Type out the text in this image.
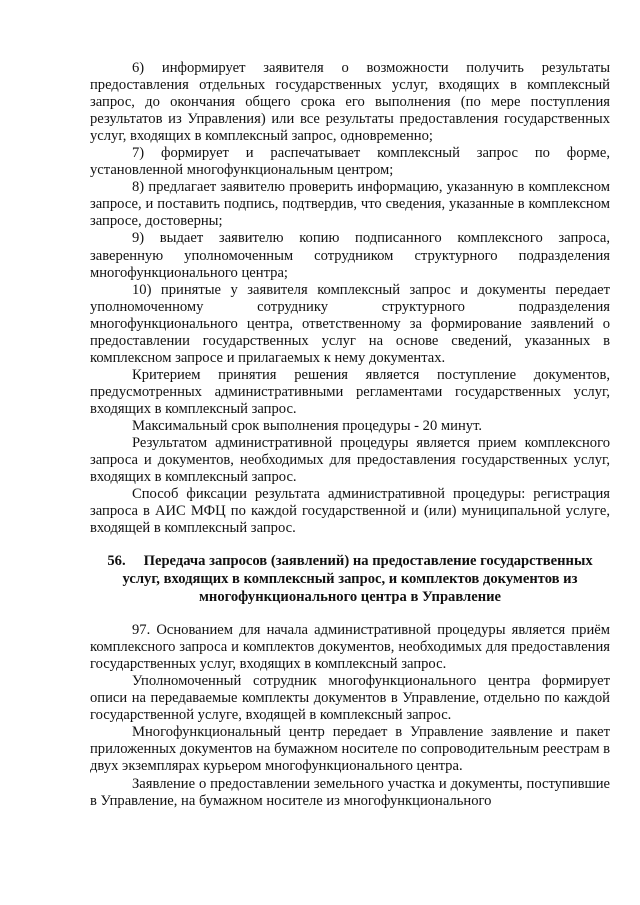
6) информирует заявителя о возможности получить результаты предоставления отдельных государственных услуг, входящих в комплексный запрос, до окончания общего срока его выполнения (по мере поступления результатов из Управления) или все результаты предоставления государственных услуг, входящих в комплексный запрос, одновременно;

7) формирует и распечатывает комплексный запрос по форме, установленной многофункциональным центром;

8) предлагает заявителю проверить информацию, указанную в комплексном запросе, и поставить подпись, подтвердив, что сведения, указанные в комплексном запросе, достоверны;

9) выдает заявителю копию подписанного комплексного запроса, заверенную уполномоченным сотрудником структурного подразделения многофункционального центра;

10) принятые у заявителя комплексный запрос и документы передает уполномоченному сотруднику структурного подразделения многофункционального центра, ответственному за формирование заявлений о предоставлении государственных услуг на основе сведений, указанных в комплексном запросе и прилагаемых к нему документах.

Критерием принятия решения является поступление документов, предусмотренных административными регламентами государственных услуг, входящих в комплексный запрос.

Максимальный срок выполнения процедуры - 20 минут.

Результатом административной процедуры является прием комплексного запроса и документов, необходимых для предоставления государственных услуг, входящих в комплексный запрос.

Способ фиксации результата административной процедуры: регистрация запроса в АИС МФЦ по каждой государственной и (или) муниципальной услуге, входящей в комплексный запрос.

56. Передача запросов (заявлений) на предоставление государственных услуг, входящих в комплексный запрос, и комплектов документов из многофункционального центра в Управление

97. Основанием для начала административной процедуры является приём комплексного запроса и комплектов документов, необходимых для предоставления государственных услуг, входящих в комплексный запрос.

Уполномоченный сотрудник многофункционального центра формирует описи на передаваемые комплекты документов в Управление, отдельно по каждой государственной услуге, входящей в комплексный запрос.

Многофункциональный центр передает в Управление заявление и пакет приложенных документов на бумажном носителе по сопроводительным реестрам в двух экземплярах курьером многофункционального центра.

Заявление о предоставлении земельного участка и документы, поступившие в Управление, на бумажном носителе из многофункционального
